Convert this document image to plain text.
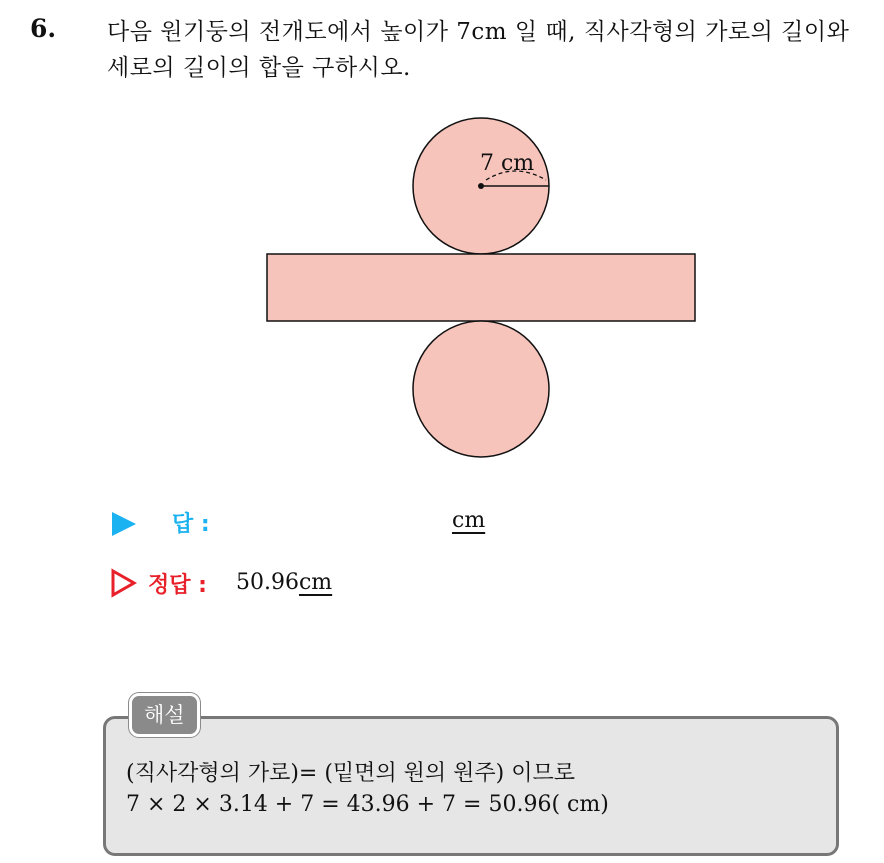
6. 다음 원기둥의 전개도에서 높이가 7cm 일 때, 직사각형의 가로의 길이와 세로의 길이의 합을 구하시오.
7 cm
답 :	cm
정답 : 50.96cm
해설
(직사각형의 가로)= (밑면의 원의 원주) 이므로
7 × 2 × 3.14 + 7 = 43.96 + 7 = 50.96( cm)
